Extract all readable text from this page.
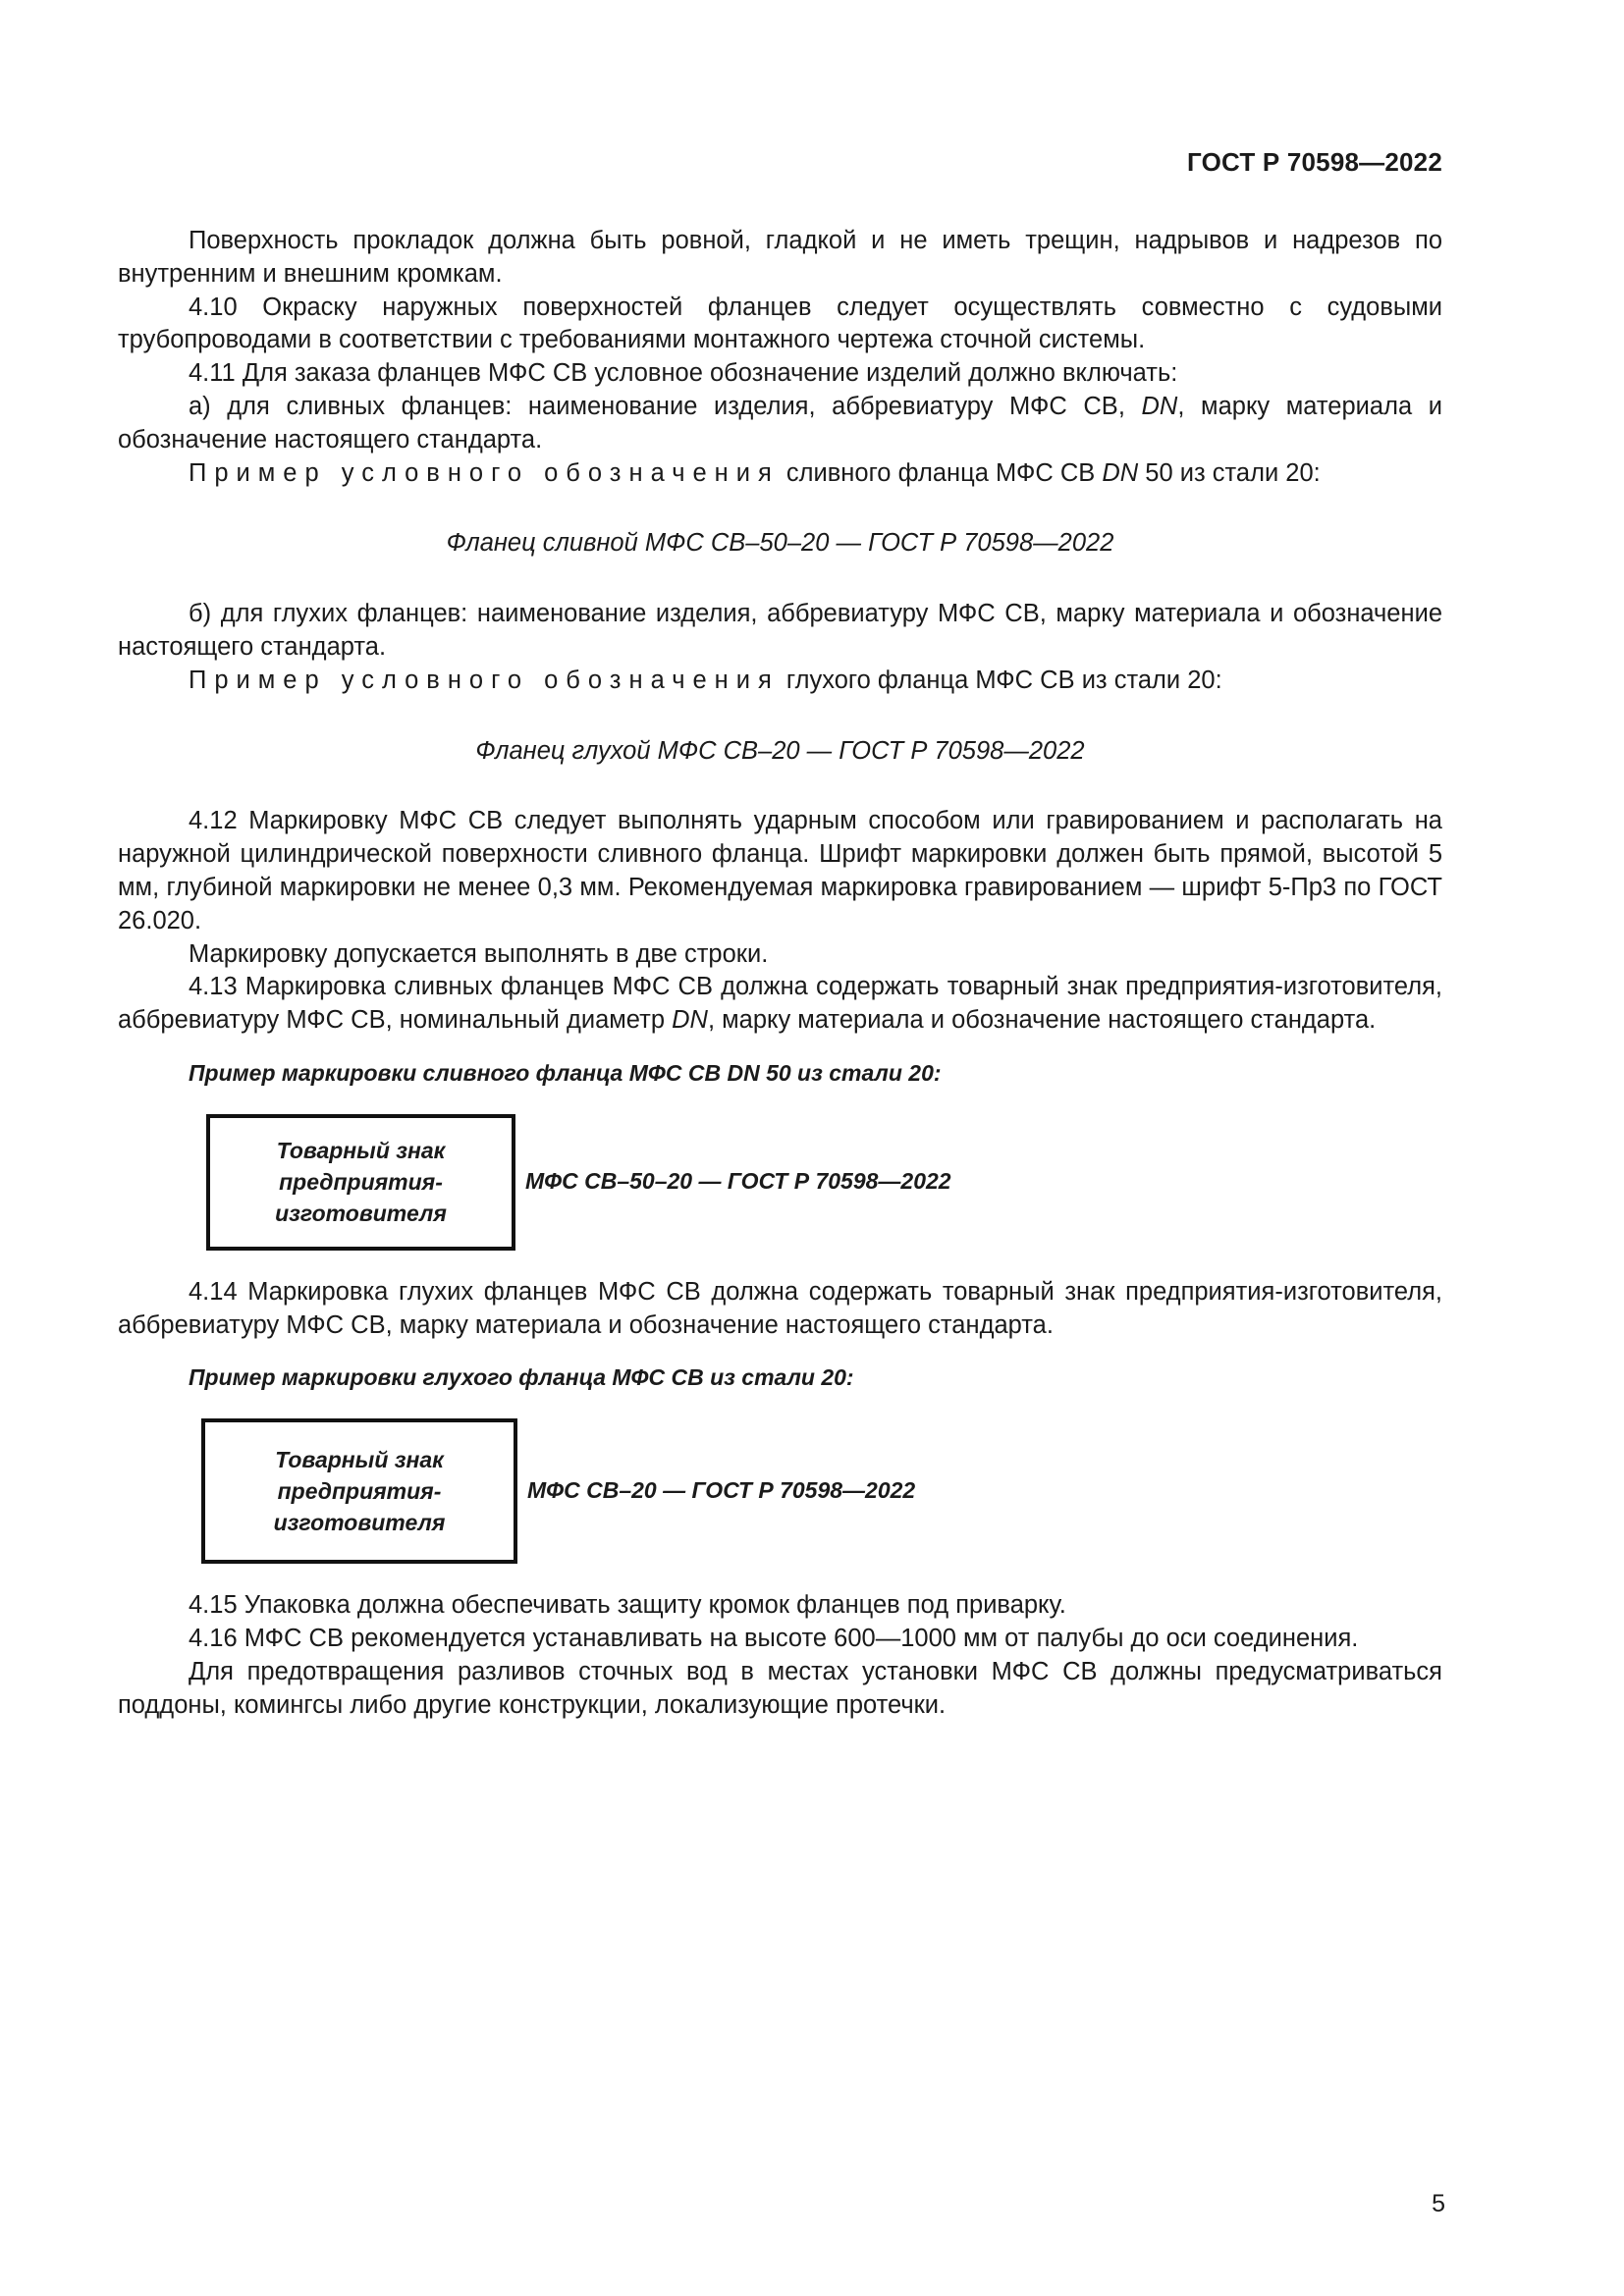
ГОСТ Р 70598—2022

Поверхность прокладок должна быть ровной, гладкой и не иметь трещин, надрывов и надрезов по внутренним и внешним кромкам.

4.10 Окраску наружных поверхностей фланцев следует осуществлять совместно с судовыми трубопроводами в соответствии с требованиями монтажного чертежа сточной системы.

4.11 Для заказа фланцев МФС СВ условное обозначение изделий должно включать:

а) для сливных фланцев: наименование изделия, аббревиатуру МФС СВ, DN, марку материала и обозначение настоящего стандарта.

Пример условного обозначения сливного фланца МФС СВ DN 50 из стали 20:

Фланец сливной МФС СВ–50–20 — ГОСТ Р 70598—2022

б) для глухих фланцев: наименование изделия, аббревиатуру МФС СВ, марку материала и обозначение настоящего стандарта.

Пример условного обозначения глухого фланца МФС СВ из стали 20:

Фланец глухой МФС СВ–20 — ГОСТ Р 70598—2022

4.12 Маркировку МФС СВ следует выполнять ударным способом или гравированием и располагать на наружной цилиндрической поверхности сливного фланца. Шрифт маркировки должен быть прямой, высотой 5 мм, глубиной маркировки не менее 0,3 мм. Рекомендуемая маркировка гравированием — шрифт 5-Пр3 по ГОСТ 26.020.

Маркировку допускается выполнять в две строки.

4.13 Маркировка сливных фланцев МФС СВ должна содержать товарный знак предприятия-изготовителя, аббревиатуру МФС СВ, номинальный диаметр DN, марку материала и обозначение настоящего стандарта.

Пример маркировки сливного фланца МФС СВ DN 50 из стали 20:

Товарный знак предприятия-изготовителя
МФС СВ–50–20 — ГОСТ Р 70598—2022

4.14 Маркировка глухих фланцев МФС СВ должна содержать товарный знак предприятия-изготовителя, аббревиатуру МФС СВ, марку материала и обозначение настоящего стандарта.

Пример маркировки глухого фланца МФС СВ из стали 20:

Товарный знак предприятия-изготовителя
МФС СВ–20 — ГОСТ Р 70598—2022

4.15 Упаковка должна обеспечивать защиту кромок фланцев под приварку.

4.16 МФС СВ рекомендуется устанавливать на высоте 600—1000 мм от палубы до оси соединения.

Для предотвращения разливов сточных вод в местах установки МФС СВ должны предусматриваться поддоны, комингсы либо другие конструкции, локализующие протечки.

5
